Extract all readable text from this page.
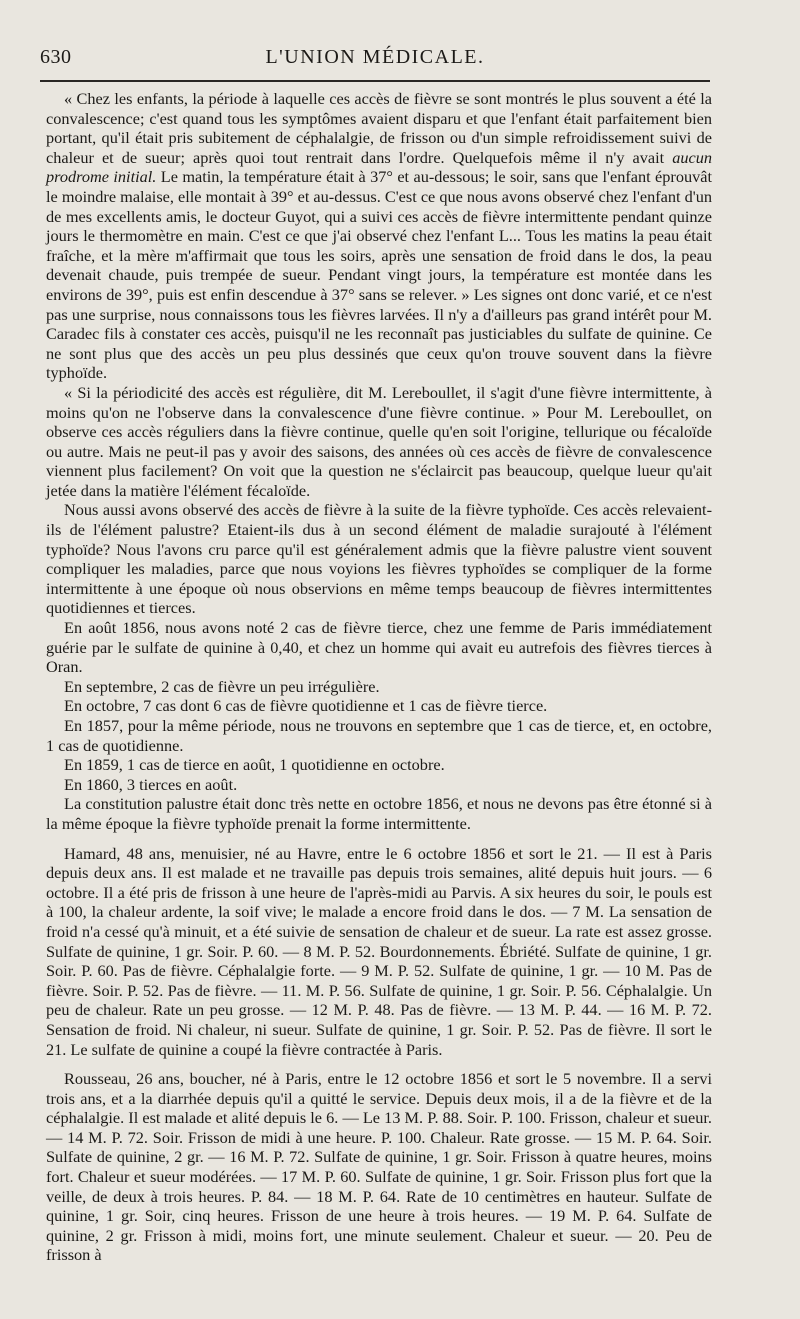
630	L'UNION MÉDICALE.

« Chez les enfants, la période à laquelle ces accès de fièvre se sont montrés le plus souvent a été la convalescence; c'est quand tous les symptômes avaient disparu et que l'enfant était parfaitement bien portant, qu'il était pris subitement de céphalalgie, de frisson ou d'un simple refroidissement suivi de chaleur et de sueur; après quoi tout rentrait dans l'ordre. Quelquefois même il n'y avait aucun prodrome initial. Le matin, la température était à 37° et au-dessous; le soir, sans que l'enfant éprouvât le moindre malaise, elle montait à 39° et au-dessus. C'est ce que nous avons observé chez l'enfant d'un de mes excellents amis, le docteur Guyot, qui a suivi ces accès de fièvre intermittente pendant quinze jours le thermomètre en main. C'est ce que j'ai observé chez l'enfant L... Tous les matins la peau était fraîche, et la mère m'affirmait que tous les soirs, après une sensation de froid dans le dos, la peau devenait chaude, puis trempée de sueur. Pendant vingt jours, la température est montée dans les environs de 39°, puis est enfin descendue à 37° sans se relever. » Les signes ont donc varié, et ce n'est pas une surprise, nous connaissons tous les fièvres larvées. Il n'y a d'ailleurs pas grand intérêt pour M. Caradec fils à constater ces accès, puisqu'il ne les reconnaît pas justiciables du sulfate de quinine. Ce ne sont plus que des accès un peu plus dessinés que ceux qu'on trouve souvent dans la fièvre typhoïde.

« Si la périodicité des accès est régulière, dit M. Lereboullet, il s'agit d'une fièvre intermittente, à moins qu'on ne l'observe dans la convalescence d'une fièvre continue. » Pour M. Lereboullet, on observe ces accès réguliers dans la fièvre continue, quelle qu'en soit l'origine, tellurique ou fécaloïde ou autre. Mais ne peut-il pas y avoir des saisons, des années où ces accès de fièvre de convalescence viennent plus facilement? On voit que la question ne s'éclaircit pas beaucoup, quelque lueur qu'ait jetée dans la matière l'élément fécaloïde.

Nous aussi avons observé des accès de fièvre à la suite de la fièvre typhoïde. Ces accès relevaient-ils de l'élément palustre? Etaient-ils dus à un second élément de maladie surajouté à l'élément typhoïde? Nous l'avons cru parce qu'il est généralement admis que la fièvre palustre vient souvent compliquer les maladies, parce que nous voyions les fièvres typhoïdes se compliquer de la forme intermittente à une époque où nous observions en même temps beaucoup de fièvres intermittentes quotidiennes et tierces.

En août 1856, nous avons noté 2 cas de fièvre tierce, chez une femme de Paris immédiatement guérie par le sulfate de quinine à 0,40, et chez un homme qui avait eu autrefois des fièvres tierces à Oran.

En septembre, 2 cas de fièvre un peu irrégulière.

En octobre, 7 cas dont 6 cas de fièvre quotidienne et 1 cas de fièvre tierce.

En 1857, pour la même période, nous ne trouvons en septembre que 1 cas de tierce, et, en octobre, 1 cas de quotidienne.

En 1859, 1 cas de tierce en août, 1 quotidienne en octobre.

En 1860, 3 tierces en août.

La constitution palustre était donc très nette en octobre 1856, et nous ne devons pas être étonné si à la même époque la fièvre typhoïde prenait la forme intermittente.

Hamard, 48 ans, menuisier, né au Havre, entre le 6 octobre 1856 et sort le 21. — Il est à Paris depuis deux ans. Il est malade et ne travaille pas depuis trois semaines, alité depuis huit jours. — 6 octobre. Il a été pris de frisson à une heure de l'après-midi au Parvis. A six heures du soir, le pouls est à 100, la chaleur ardente, la soif vive; le malade a encore froid dans le dos. — 7 M. La sensation de froid n'a cessé qu'à minuit, et a été suivie de sensation de chaleur et de sueur. La rate est assez grosse. Sulfate de quinine, 1 gr. Soir. P. 60. — 8 M. P. 52. Bourdonnements. Ébriété. Sulfate de quinine, 1 gr. Soir. P. 60. Pas de fièvre. Céphalalgie forte. — 9 M. P. 52. Sulfate de quinine, 1 gr. — 10 M. Pas de fièvre. Soir. P. 52. Pas de fièvre. — 11. M. P. 56. Sulfate de quinine, 1 gr. Soir. P. 56. Céphalalgie. Un peu de chaleur. Rate un peu grosse. — 12 M. P. 48. Pas de fièvre. — 13 M. P. 44. — 16 M. P. 72. Sensation de froid. Ni chaleur, ni sueur. Sulfate de quinine, 1 gr. Soir. P. 52. Pas de fièvre. Il sort le 21. Le sulfate de quinine a coupé la fièvre contractée à Paris.

Rousseau, 26 ans, boucher, né à Paris, entre le 12 octobre 1856 et sort le 5 novembre. Il a servi trois ans, et a la diarrhée depuis qu'il a quitté le service. Depuis deux mois, il a de la fièvre et de la céphalalgie. Il est malade et alité depuis le 6. — Le 13 M. P. 88. Soir. P. 100. Frisson, chaleur et sueur. — 14 M. P. 72. Soir. Frisson de midi à une heure. P. 100. Chaleur. Rate grosse. — 15 M. P. 64. Soir. Sulfate de quinine, 2 gr. — 16 M. P. 72. Sulfate de quinine, 1 gr. Soir. Frisson à quatre heures, moins fort. Chaleur et sueur modérées. — 17 M. P. 60. Sulfate de quinine, 1 gr. Soir. Frisson plus fort que la veille, de deux à trois heures. P. 84. — 18 M. P. 64. Rate de 10 centimètres en hauteur. Sulfate de quinine, 1 gr. Soir, cinq heures. Frisson de une heure à trois heures. — 19 M. P. 64. Sulfate de quinine, 2 gr. Frisson à midi, moins fort, une minute seulement. Chaleur et sueur. — 20. Peu de frisson à
